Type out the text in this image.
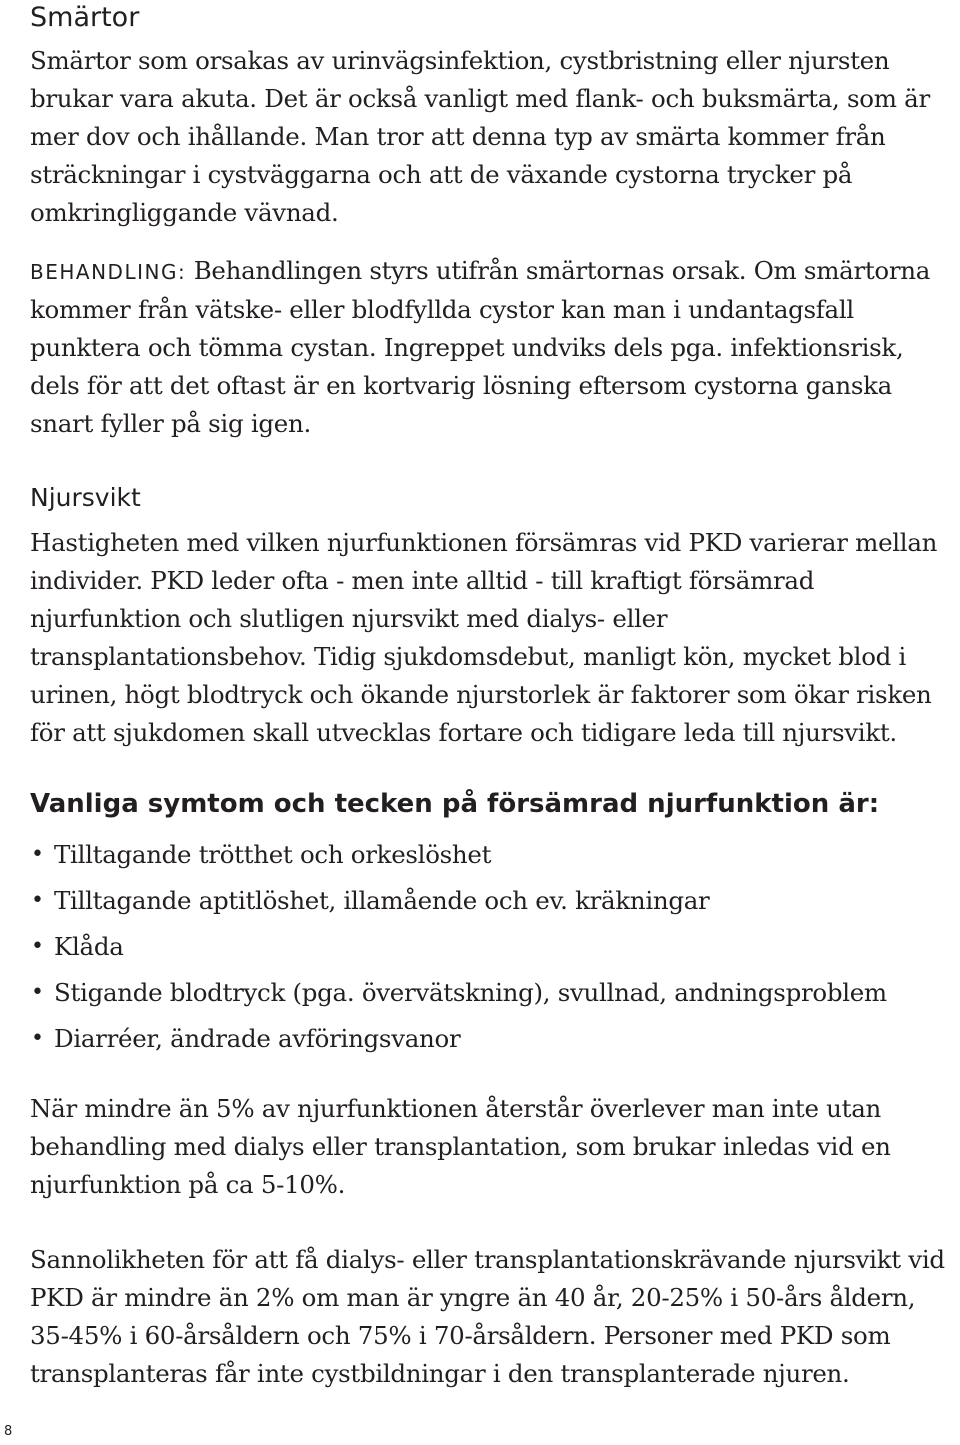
Smärtor

Smärtor som orsakas av urinvägsinfektion, cystbristning eller njursten brukar vara akuta. Det är också vanligt med flank- och buksmärta, som är mer dov och ihållande. Man tror att denna typ av smärta kommer från sträckningar i cystväggarna och att de växande cystorna trycker på omkringliggande vävnad.

BEHANDLING: Behandlingen styrs utifrån smärtornas orsak. Om smärtorna kommer från vätske- eller blodfyllda cystor kan man i undantagsfall punktera och tömma cystan. Ingreppet undviks dels pga. infektionsrisk, dels för att det oftast är en kortvarig lösning eftersom cystorna ganska snart fyller på sig igen.

Njursvikt

Hastigheten med vilken njurfunktionen försämras vid PKD varierar mellan individer. PKD leder ofta - men inte alltid - till kraftigt försämrad njurfunktion och slutligen njursvikt med dialys- eller transplantationsbehov. Tidig sjukdomsdebut, manligt kön, mycket blod i urinen, högt blodtryck och ökande njurstorlek är faktorer som ökar risken för att sjukdomen skall utvecklas fortare och tidigare leda till njursvikt.

Vanliga symtom och tecken på försämrad njurfunktion är:
• Tilltagande trötthet och orkeslöshet
• Tilltagande aptitlöshet, illamående och ev. kräkningar
• Klåda
• Stigande blodtryck (pga. övervätskning), svullnad, andningsproblem
• Diarréer, ändrade avföringsvanor

När mindre än 5% av njurfunktionen återstår överlever man inte utan behandling med dialys eller transplantation, som brukar inledas vid en njurfunktion på ca 5-10%.

Sannolikheten för att få dialys- eller transplantationskrävande njursvikt vid PKD är mindre än 2% om man är yngre än 40 år, 20-25% i 50-års åldern, 35-45% i 60-årsåldern och 75% i 70-årsåldern. Personer med PKD som transplanteras får inte cystbildningar i den transplanterade njuren.

8
